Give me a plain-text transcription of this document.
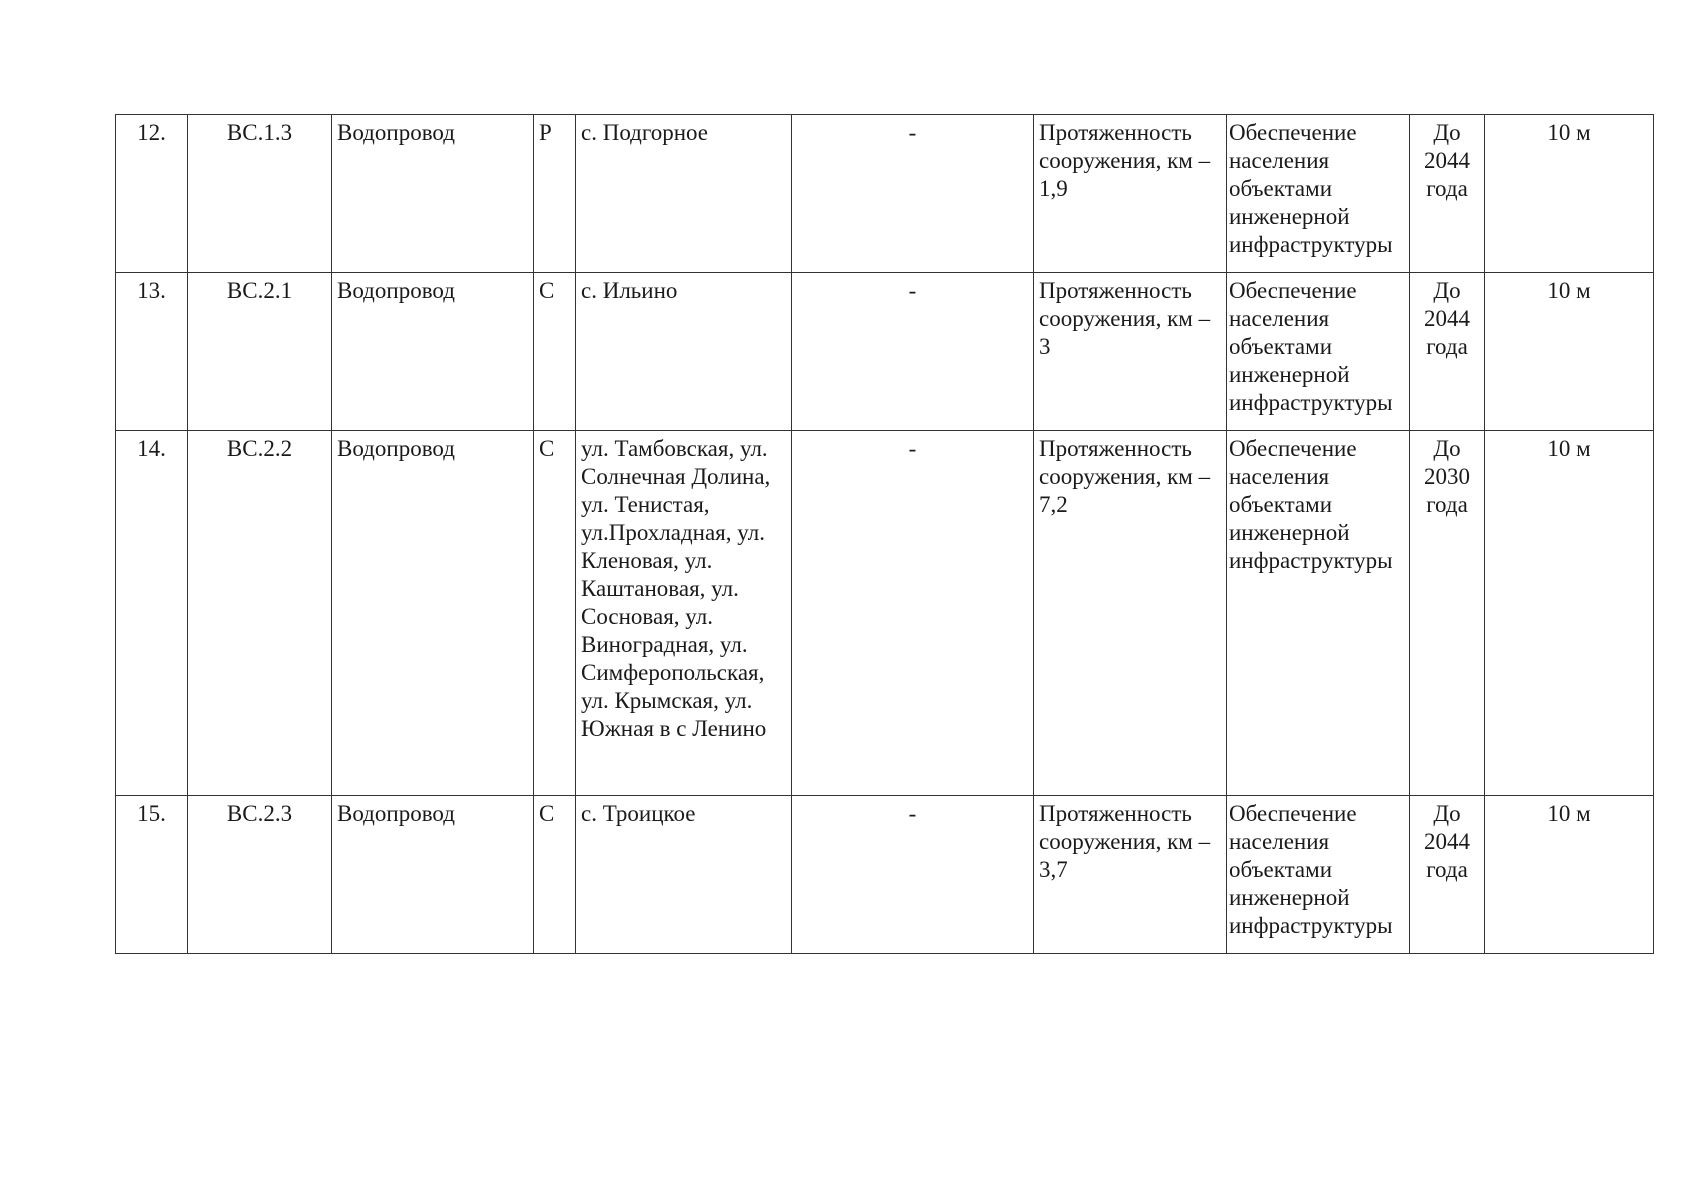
12.	ВС.1.3	Водопровод	Р	с. Подгорное	-	Протяженность сооружения, км – 1,9	Обеспечение населения объектами инженерной инфраструктуры	До 2044 года	10 м
13.	ВС.2.1	Водопровод	С	с. Ильино	-	Протяженность сооружения, км – 3	Обеспечение населения объектами инженерной инфраструктуры	До 2044 года	10 м
14.	ВС.2.2	Водопровод	С	ул. Тамбовская, ул. Солнечная Долина, ул. Тенистая, ул.Прохладная, ул. Кленовая, ул. Каштановая, ул. Сосновая, ул. Виноградная, ул. Симферопольская, ул. Крымская, ул. Южная в с Ленино	-	Протяженность сооружения, км – 7,2	Обеспечение населения объектами инженерной инфраструктуры	До 2030 года	10 м
15.	ВС.2.3	Водопровод	С	с. Троицкое	-	Протяженность сооружения, км – 3,7	Обеспечение населения объектами инженерной инфраструктуры	До 2044 года	10 м
